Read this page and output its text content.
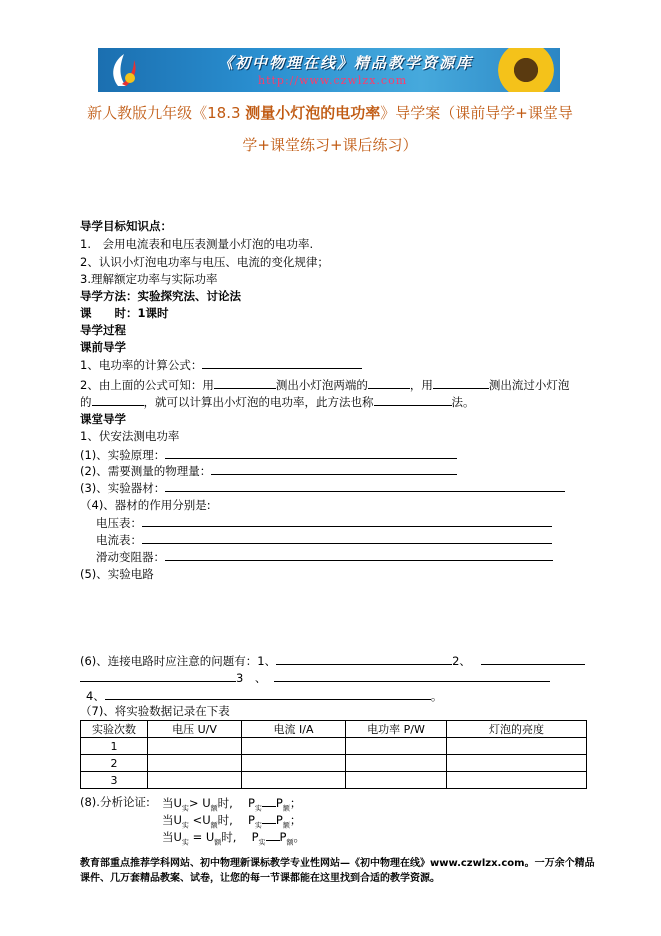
《初中物理在线》精品教学资源库
http://www.czwlzx.com
新人教版九年级《18.3 测量小灯泡的电功率》导学案（课前导学+课堂导
学+课堂练习+课后练习）
导学目标知识点：
1.　会用电流表和电压表测量小灯泡的电功率.
2、认识小灯泡电功率与电压、电流的变化规律；
3.理解额定功率与实际功率
导学方法：实验探究法、讨论法
课　　时：1课时
导学过程
课前导学
1、电功率的计算公式：
2、由上面的公式可知：用	测出小灯泡两端的	，用	测出流过小灯泡
的	，就可以计算出小灯泡的电功率，此方法也称	法。
课堂导学
1、伏安法测电功率
(1)、实验原理：
(2)、需要测量的物理量：
(3)、实验器材：
（4)、器材的作用分别是:
电压表：
电流表：
滑动变阻器：
(5)、实验电路
(6)、连接电路时应注意的问题有：1、	2、
3　、
4、	。
（7)、将实验数据记录在下表
实验次数	电压 U/V	电流 I/A	电功率 P/W	灯泡的亮度
1				
2				
3				
(8).分析论证: 当$U_实> U_额$时,　 $P_实$ $P_额$；
当$U_实 <U_额$时,　 $P_实$ $P_额$；
当$U_实 = U_额$时,　 $P_实$ $P_额$。
教育部重点推荐学科网站、初中物理新课标教学专业性网站—《初中物理在线》www.czwlzx.com。一万余个精品课件、几万套精品教案、试卷，让您的每一节课都能在这里找到合适的教学资源。
